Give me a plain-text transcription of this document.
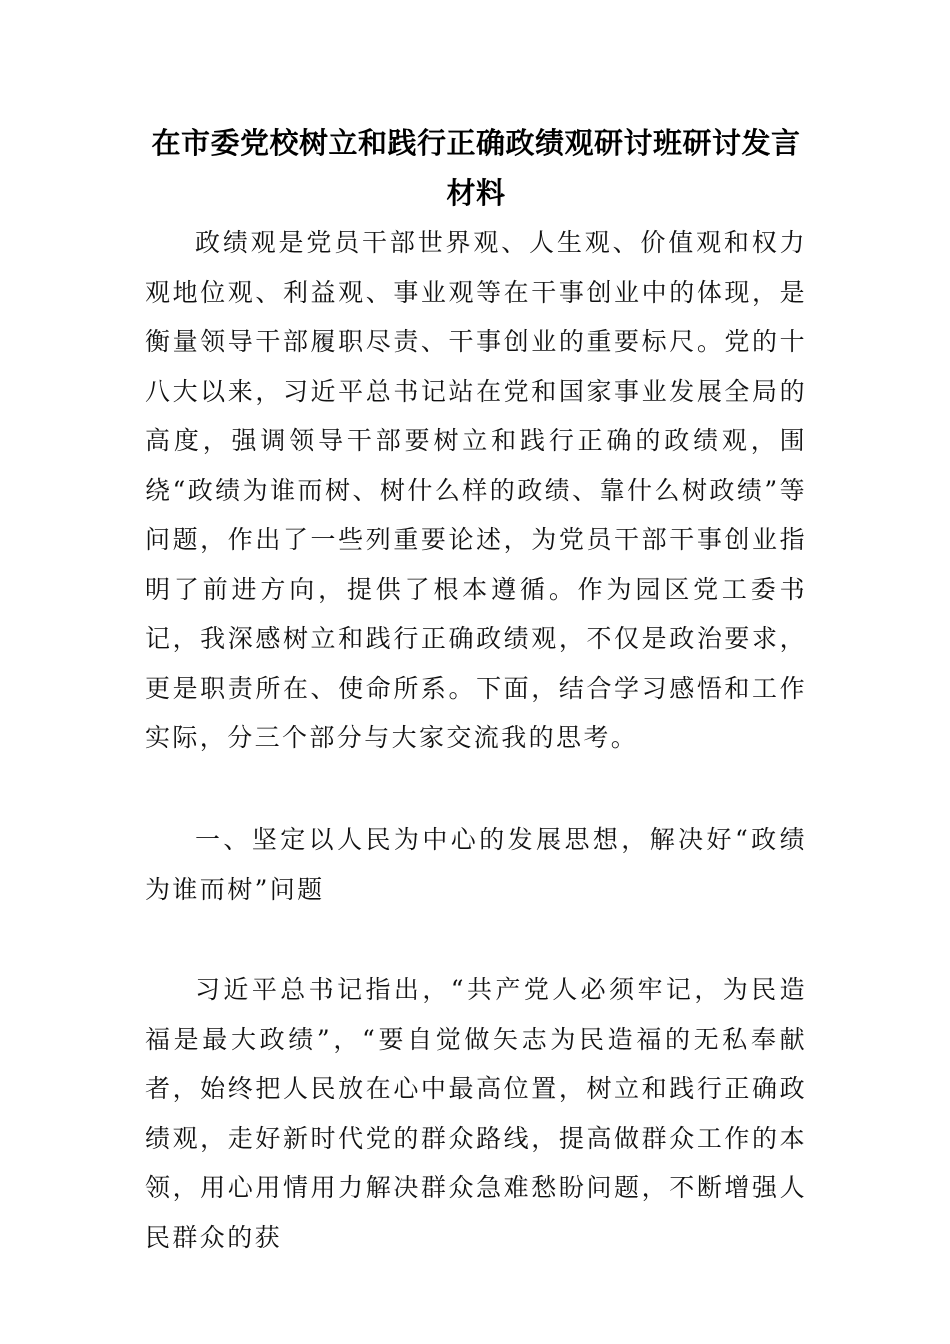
在市委党校树立和践行正确政绩观研讨班研讨发言材料

政绩观是党员干部世界观、人生观、价值观和权力观地位观、利益观、事业观等在干事创业中的体现，是衡量领导干部履职尽责、干事创业的重要标尺。党的十八大以来，习近平总书记站在党和国家事业发展全局的高度，强调领导干部要树立和践行正确的政绩观，围绕“政绩为谁而树、树什么样的政绩、靠什么树政绩”等问题，作出了一些列重要论述，为党员干部干事创业指明了前进方向，提供了根本遵循。作为园区党工委书记，我深感树立和践行正确政绩观，不仅是政治要求，更是职责所在、使命所系。下面，结合学习感悟和工作实际，分三个部分与大家交流我的思考。

一、坚定以人民为中心的发展思想，解决好“政绩为谁而树”问题

习近平总书记指出，“共产党人必须牢记，为民造福是最大政绩”，“要自觉做矢志为民造福的无私奉献者，始终把人民放在心中最高位置，树立和践行正确政绩观，走好新时代党的群众路线，提高做群众工作的本领，用心用情用力解决群众急难愁盼问题，不断增强人民群众的获
